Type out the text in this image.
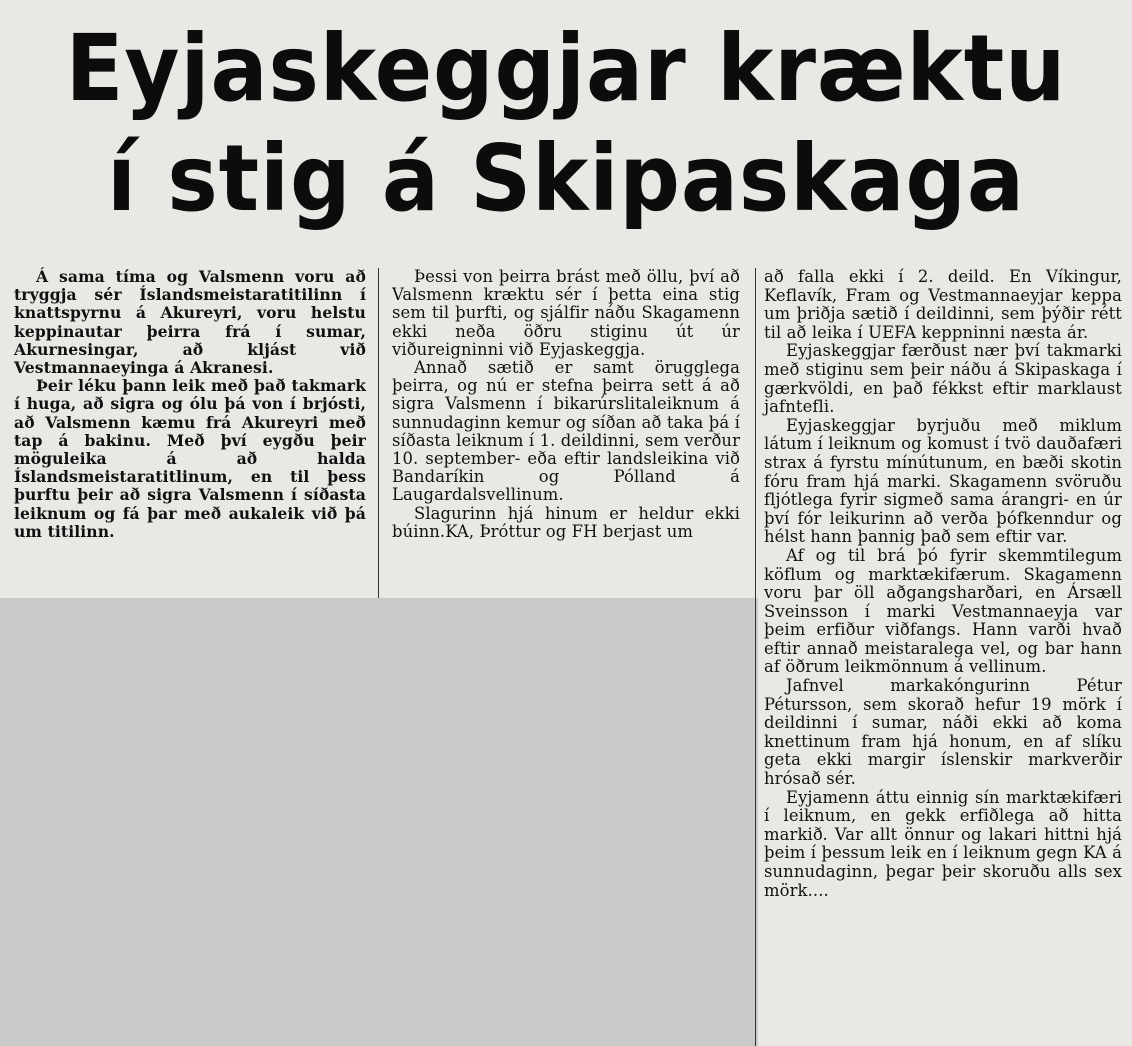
Eyjaskeggjar kræktu
í stig á Skipaskaga

Á sama tíma og Valsmenn voru að tryggja sér Íslandsmeistaratitilinn í knattspyrnu á Akureyri, voru helstu keppinautar þeirra frá í sumar, Akurnesingar, að kljást við Vestmannaeyinga á Akranesi.

Þeir léku þann leik með það takmark í huga, að sigra og ólu þá von í brjósti, að Valsmenn kæmu frá Akureyri með tap á bakinu. Með því eygðu þeir möguleika á að halda Íslandsmeistaratitlinum, en til þess þurftu þeir að sigra Valsmenn í síðasta leiknum og fá þar með aukaleik við þá um titilinn.

Þessi von þeirra brást með öllu, því að Valsmenn kræktu sér í þetta eina stig sem til þurfti, og sjálfir náðu Skagamenn ekki neða öðru stiginu út úr viðureigninni við Eyjaskeggja.

Annað sætið er samt örugglega þeirra, og nú er stefna þeirra sett á að sigra Valsmenn í bikarúrslitaleiknum á sunnudaginn kemur og síðan að taka þá í síðasta leiknum í 1. deildinni, sem verður 10. september- eða eftir landsleikina við Bandaríkin og Pólland á Laugardalsvellinum.

Slagurinn hjá hinum er heldur ekki búinn.KA, Þróttur og FH berjast um

að falla ekki í 2. deild. En Víkingur, Keflavík, Fram og Vestmannaeyjar keppa um þriðja sætið í deildinni, sem þýðir rétt til að leika í UEFA keppninni næsta ár.

Eyjaskeggjar færðust nær því takmarki með stiginu sem þeir náðu á Skipaskaga í gærkvöldi, en það fékkst eftir marklaust jafntefli.

Eyjaskeggjar byrjuðu með miklum látum í leiknum og komust í tvö dauðafæri strax á fyrstu mínútunum, en bæði skotin fóru fram hjá marki. Skagamenn svöruðu fljótlega fyrir sigmeð sama árangri- en úr því fór leikurinn að verða þófkenndur og hélst hann þannig það sem eftir var.

Af og til brá þó fyrir skemmtilegum köflum og marktækifærum. Skagamenn voru þar öll aðgangsharðari, en Ársæll Sveinsson í marki Vestmannaeyja var þeim erfiður viðfangs. Hann varði hvað eftir annað meistaralega vel, og bar hann af öðrum leikmönnum á vellinum.

Jafnvel markakóngurinn Pétur Pétursson, sem skorað hefur 19 mörk í deildinni í sumar, náði ekki að koma knettinum fram hjá honum, en af slíku geta ekki margir íslenskir markverðir hrósað sér.

Eyjamenn áttu einnig sín marktækifæri í leiknum, en gekk erfiðlega að hitta markið. Var allt önnur og lakari hittni hjá þeim í þessum leik en í leiknum gegn KA á sunnudaginn, þegar þeir skoruðu alls sex mörk....
